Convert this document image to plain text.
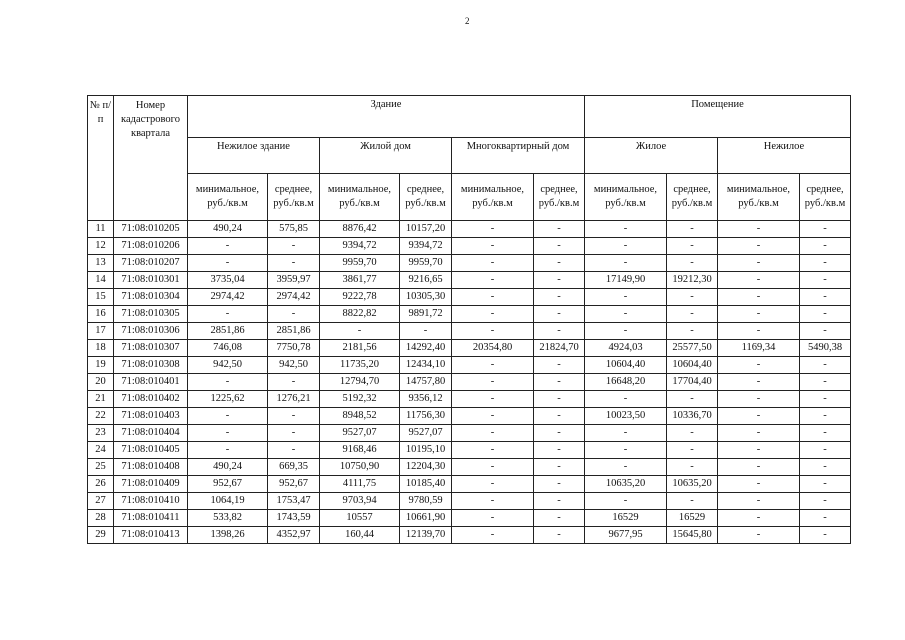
2
№ п/п	Номер кадастрового квартала	Здание						Помещение			
		Нежилое здание		Жилой дом		Многоквартирный дом		Жилое		Нежилое	
		минимальное, руб./кв.м	среднее, руб./кв.м	минимальное, руб./кв.м	среднее, руб./кв.м	минимальное, руб./кв.м	среднее, руб./кв.м	минимальное, руб./кв.м	среднее, руб./кв.м	минимальное, руб./кв.м	среднее, руб./кв.м
11	71:08:010205	490,24	575,85	8876,42	10157,20	-	-	-	-	-	-
12	71:08:010206	-	-	9394,72	9394,72	-	-	-	-	-	-
13	71:08:010207	-	-	9959,70	9959,70	-	-	-	-	-	-
14	71:08:010301	3735,04	3959,97	3861,77	9216,65	-	-	17149,90	19212,30	-	-
15	71:08:010304	2974,42	2974,42	9222,78	10305,30	-	-	-	-	-	-
16	71:08:010305	-	-	8822,82	9891,72	-	-	-	-	-	-
17	71:08:010306	2851,86	2851,86	-	-	-	-	-	-	-	-
18	71:08:010307	746,08	7750,78	2181,56	14292,40	20354,80	21824,70	4924,03	25577,50	1169,34	5490,38
19	71:08:010308	942,50	942,50	11735,20	12434,10	-	-	10604,40	10604,40	-	-
20	71:08:010401	-	-	12794,70	14757,80	-	-	16648,20	17704,40	-	-
21	71:08:010402	1225,62	1276,21	5192,32	9356,12	-	-	-	-	-	-
22	71:08:010403	-	-	8948,52	11756,30	-	-	10023,50	10336,70	-	-
23	71:08:010404	-	-	9527,07	9527,07	-	-	-	-	-	-
24	71:08:010405	-	-	9168,46	10195,10	-	-	-	-	-	-
25	71:08:010408	490,24	669,35	10750,90	12204,30	-	-	-	-	-	-
26	71:08:010409	952,67	952,67	4111,75	10185,40	-	-	10635,20	10635,20	-	-
27	71:08:010410	1064,19	1753,47	9703,94	9780,59	-	-	-	-	-	-
28	71:08:010411	533,82	1743,59	10557	10661,90	-	-	16529	16529	-	-
29	71:08:010413	1398,26	4352,97	160,44	12139,70	-	-	9677,95	15645,80	-	-
